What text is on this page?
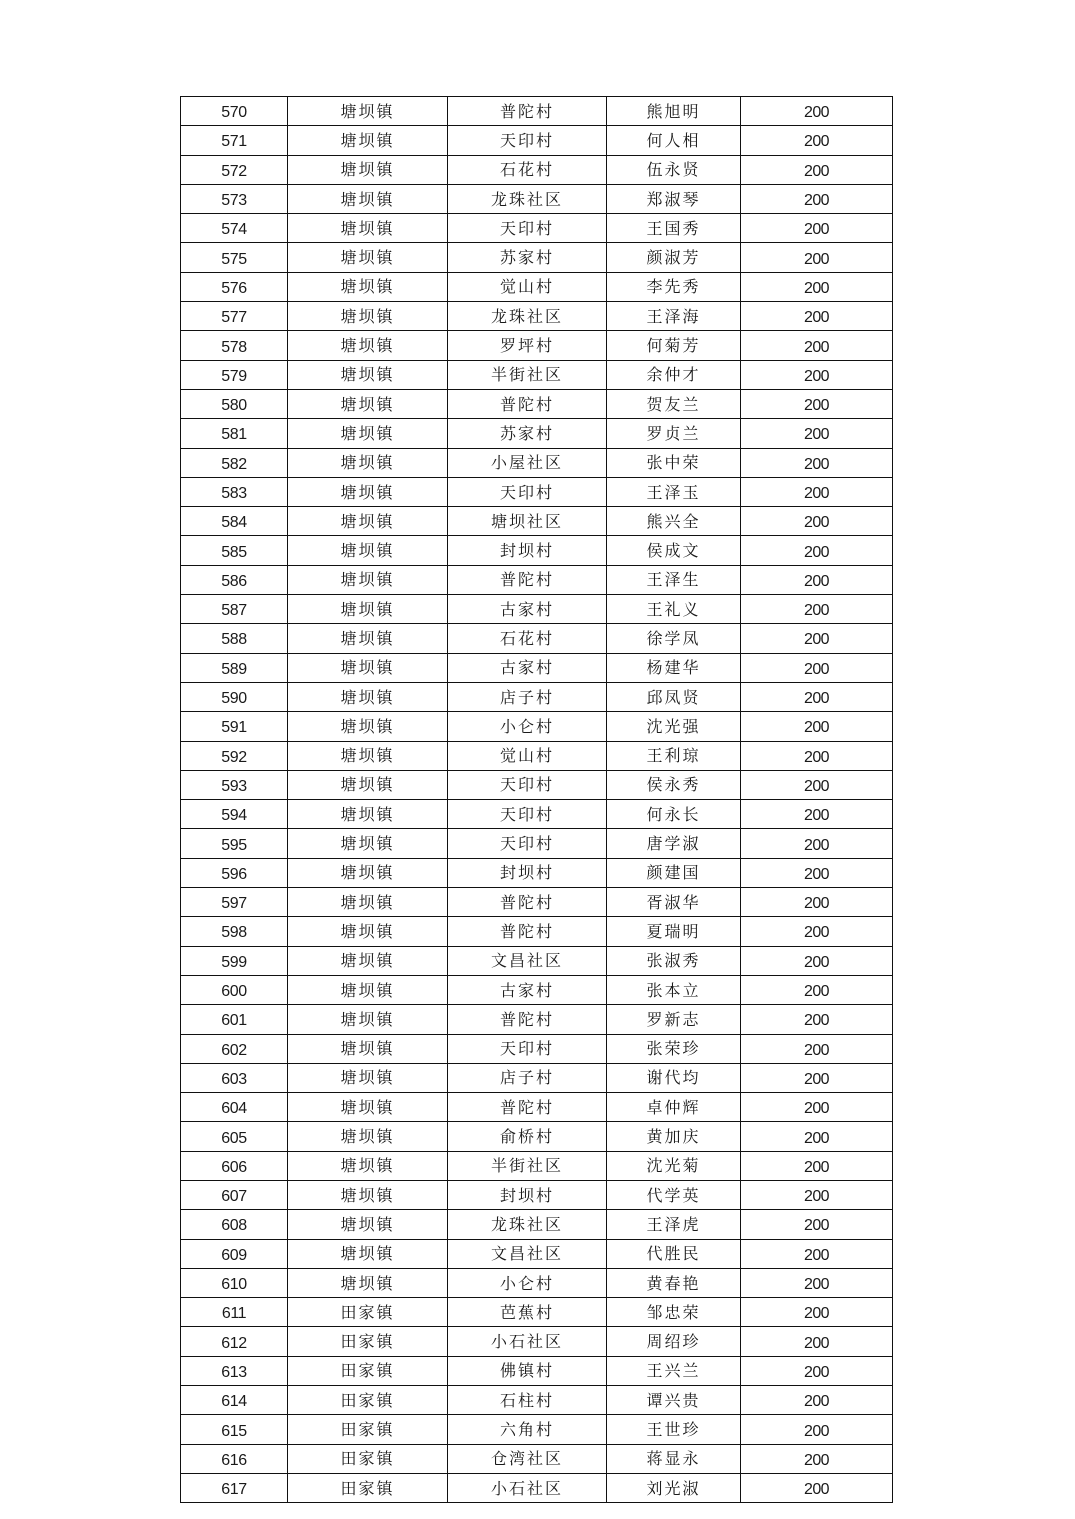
570	塘坝镇	普陀村	熊旭明	200
571	塘坝镇	天印村	何人相	200
572	塘坝镇	石花村	伍永贤	200
573	塘坝镇	龙珠社区	郑淑琴	200
574	塘坝镇	天印村	王国秀	200
575	塘坝镇	苏家村	颜淑芳	200
576	塘坝镇	觉山村	李先秀	200
577	塘坝镇	龙珠社区	王泽海	200
578	塘坝镇	罗坪村	何菊芳	200
579	塘坝镇	半街社区	余仲才	200
580	塘坝镇	普陀村	贺友兰	200
581	塘坝镇	苏家村	罗贞兰	200
582	塘坝镇	小屋社区	张中荣	200
583	塘坝镇	天印村	王泽玉	200
584	塘坝镇	塘坝社区	熊兴全	200
585	塘坝镇	封坝村	侯成文	200
586	塘坝镇	普陀村	王泽生	200
587	塘坝镇	古家村	王礼义	200
588	塘坝镇	石花村	徐学凤	200
589	塘坝镇	古家村	杨建华	200
590	塘坝镇	店子村	邱凤贤	200
591	塘坝镇	小仑村	沈光强	200
592	塘坝镇	觉山村	王利琼	200
593	塘坝镇	天印村	侯永秀	200
594	塘坝镇	天印村	何永长	200
595	塘坝镇	天印村	唐学淑	200
596	塘坝镇	封坝村	颜建国	200
597	塘坝镇	普陀村	胥淑华	200
598	塘坝镇	普陀村	夏瑞明	200
599	塘坝镇	文昌社区	张淑秀	200
600	塘坝镇	古家村	张本立	200
601	塘坝镇	普陀村	罗新志	200
602	塘坝镇	天印村	张荣珍	200
603	塘坝镇	店子村	谢代均	200
604	塘坝镇	普陀村	卓仲辉	200
605	塘坝镇	俞桥村	黄加庆	200
606	塘坝镇	半街社区	沈光菊	200
607	塘坝镇	封坝村	代学英	200
608	塘坝镇	龙珠社区	王泽虎	200
609	塘坝镇	文昌社区	代胜民	200
610	塘坝镇	小仑村	黄春艳	200
611	田家镇	芭蕉村	邹忠荣	200
612	田家镇	小石社区	周绍珍	200
613	田家镇	佛镇村	王兴兰	200
614	田家镇	石柱村	谭兴贵	200
615	田家镇	六角村	王世珍	200
616	田家镇	仓湾社区	蒋显永	200
617	田家镇	小石社区	刘光淑	200
